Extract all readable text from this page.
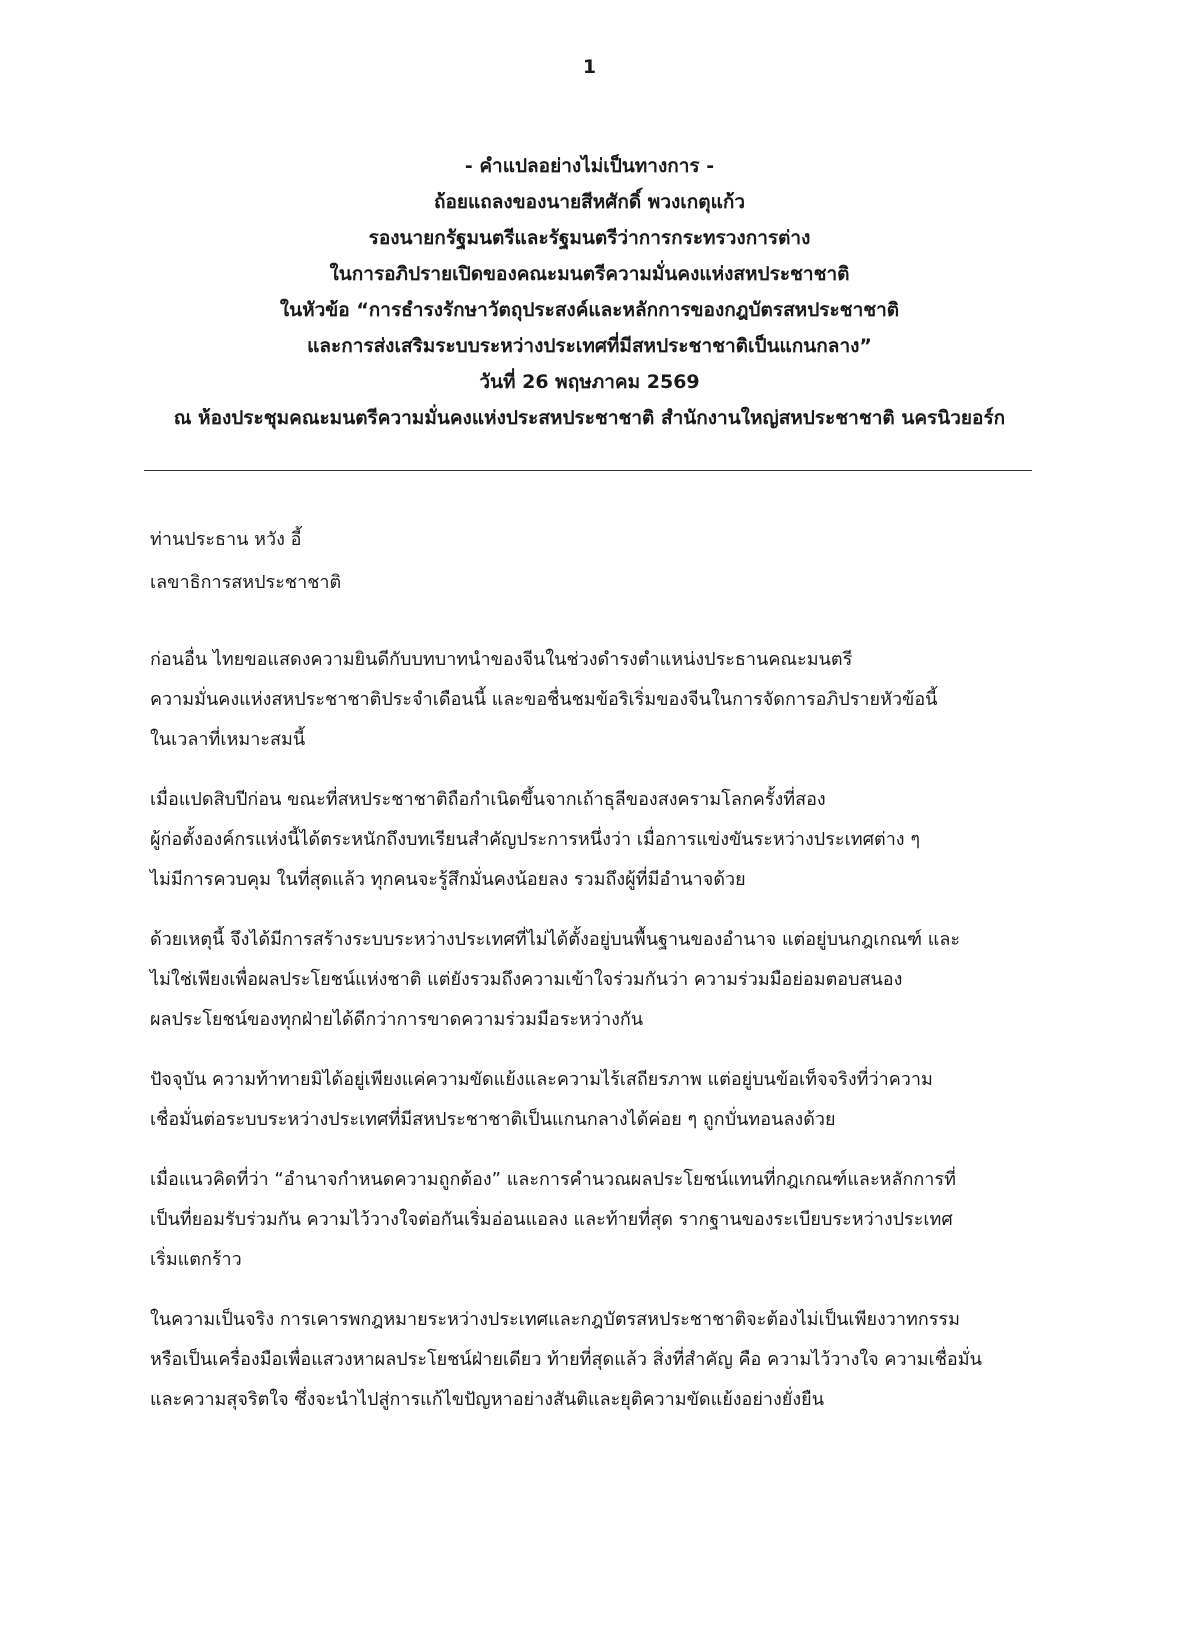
1
- คำแปลอย่างไม่เป็นทางการ -
ถ้อยแถลงของนายสีหศักดิ์ พวงเกตุแก้ว
รองนายกรัฐมนตรีและรัฐมนตรีว่าการกระทรวงการต่าง
ในการอภิปรายเปิดของคณะมนตรีความมั่นคงแห่งสหประชาชาติ
ในหัวข้อ “การธำรงรักษาวัตถุประสงค์และหลักการของกฎบัตรสหประชาชาติ
และการส่งเสริมระบบระหว่างประเทศที่มีสหประชาชาติเป็นแกนกลาง”
วันที่ 26 พฤษภาคม 2569
ณ ห้องประชุมคณะมนตรีความมั่นคงแห่งประสหประชาชาติ สำนักงานใหญ่สหประชาชาติ นครนิวยอร์ก
ท่านประธาน หวัง อี้
เลขาธิการสหประชาชาติ
ก่อนอื่น ไทยขอแสดงความยินดีกับบทบาทนำของจีนในช่วงดำรงตำแหน่งประธานคณะมนตรี
ความมั่นคงแห่งสหประชาชาติประจำเดือนนี้ และขอชื่นชมข้อริเริ่มของจีนในการจัดการอภิปรายหัวข้อนี้
ในเวลาที่เหมาะสมนี้
เมื่อแปดสิบปีก่อน ขณะที่สหประชาชาติถือกำเนิดขึ้นจากเถ้าธุลีของสงครามโลกครั้งที่สอง
ผู้ก่อตั้งองค์กรแห่งนี้ได้ตระหนักถึงบทเรียนสำคัญประการหนึ่งว่า เมื่อการแข่งขันระหว่างประเทศต่าง ๆ
ไม่มีการควบคุม ในที่สุดแล้ว ทุกคนจะรู้สึกมั่นคงน้อยลง รวมถึงผู้ที่มีอำนาจด้วย
ด้วยเหตุนี้ จึงได้มีการสร้างระบบระหว่างประเทศที่ไม่ได้ตั้งอยู่บนพื้นฐานของอำนาจ แต่อยู่บนกฎเกณฑ์ และ
ไม่ใช่เพียงเพื่อผลประโยชน์แห่งชาติ แต่ยังรวมถึงความเข้าใจร่วมกันว่า ความร่วมมือย่อมตอบสนอง
ผลประโยชน์ของทุกฝ่ายได้ดีกว่าการขาดความร่วมมือระหว่างกัน
ปัจจุบัน ความท้าทายมิได้อยู่เพียงแค่ความขัดแย้งและความไร้เสถียรภาพ แต่อยู่บนข้อเท็จจริงที่ว่าความ
เชื่อมั่นต่อระบบระหว่างประเทศที่มีสหประชาชาติเป็นแกนกลางได้ค่อย ๆ ถูกบั่นทอนลงด้วย
เมื่อแนวคิดที่ว่า “อำนาจกำหนดความถูกต้อง” และการคำนวณผลประโยชน์แทนที่กฎเกณฑ์และหลักการที่
เป็นที่ยอมรับร่วมกัน ความไว้วางใจต่อกันเริ่มอ่อนแอลง และท้ายที่สุด รากฐานของระเบียบระหว่างประเทศ
เริ่มแตกร้าว
ในความเป็นจริง การเคารพกฎหมายระหว่างประเทศและกฎบัตรสหประชาชาติจะต้องไม่เป็นเพียงวาทกรรม
หรือเป็นเครื่องมือเพื่อแสวงหาผลประโยชน์ฝ่ายเดียว ท้ายที่สุดแล้ว สิ่งที่สำคัญ คือ ความไว้วางใจ ความเชื่อมั่น
และความสุจริตใจ ซึ่งจะนำไปสู่การแก้ไขปัญหาอย่างสันติและยุติความขัดแย้งอย่างยั่งยืน
